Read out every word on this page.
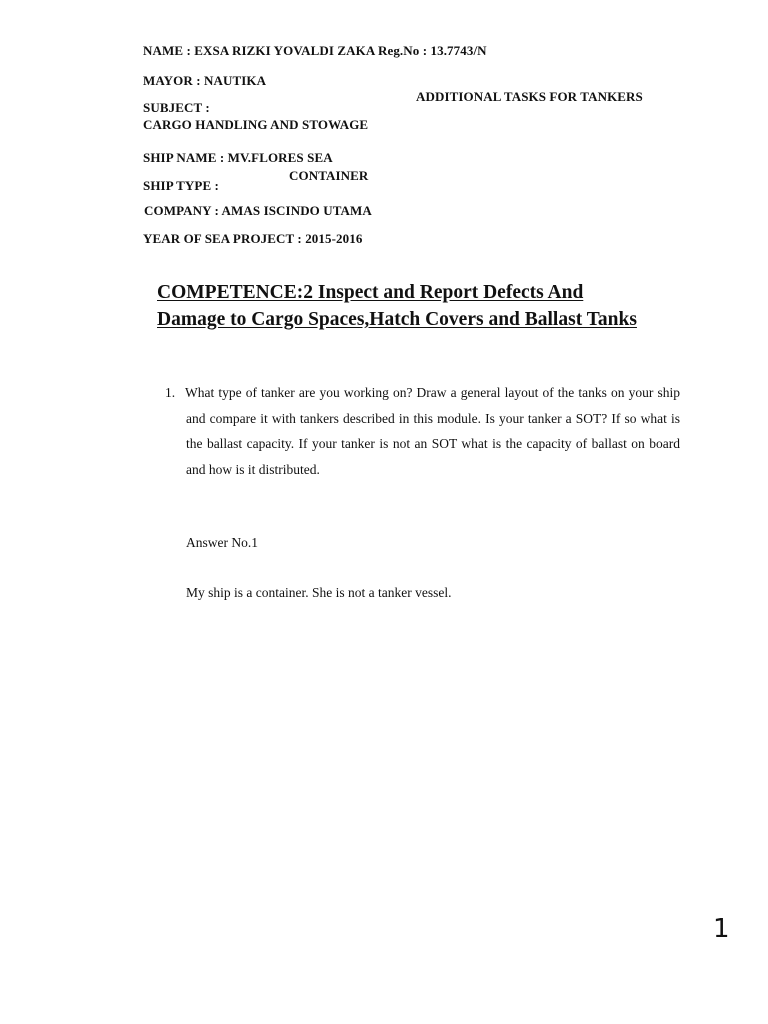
NAME : EXSA RIZKI YOVALDI ZAKA Reg.No : 13.7743/N
MAYOR : NAUTIKA
ADDITIONAL TASKS FOR TANKERS
SUBJECT :
CARGO HANDLING AND STOWAGE
SHIP NAME : MV.FLORES SEA
CONTAINER
SHIP TYPE :
COMPANY : AMAS ISCINDO UTAMA
YEAR OF SEA PROJECT : 2015-2016
COMPETENCE:2 Inspect and Report Defects And
Damage to Cargo Spaces,Hatch Covers and Ballast Tanks
1. What type of tanker are you working on? Draw a general layout of the tanks on your ship and compare it with tankers described in this module. Is your tanker a SOT? If so what is the ballast capacity. If your tanker is not an SOT what is the capacity of ballast on board and how is it distributed.
Answer No.1
My ship is a container. She is not a tanker vessel.
1
